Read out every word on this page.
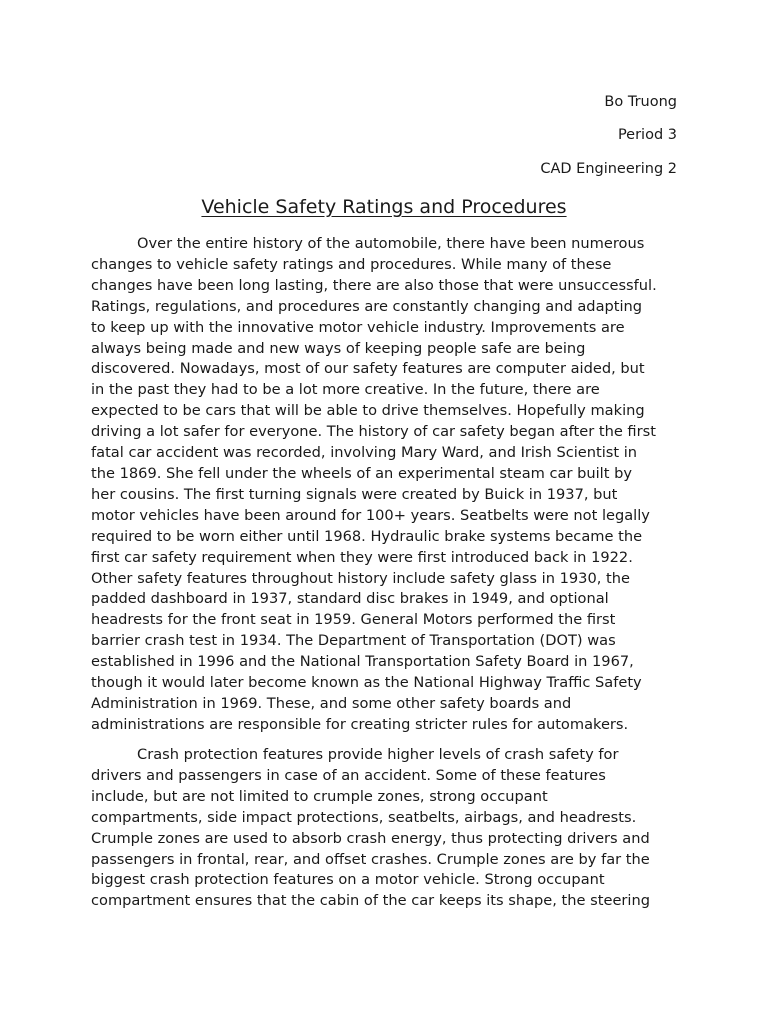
Bo Truong
Period 3
CAD Engineering 2
Vehicle Safety Ratings and Procedures
Over the entire history of the automobile, there have been numerous
changes to vehicle safety ratings and procedures. While many of these
changes have been long lasting, there are also those that were unsuccessful.
Ratings, regulations, and procedures are constantly changing and adapting
to keep up with the innovative motor vehicle industry. Improvements are
always being made and new ways of keeping people safe are being
discovered. Nowadays, most of our safety features are computer aided, but
in the past they had to be a lot more creative. In the future, there are
expected to be cars that will be able to drive themselves. Hopefully making
driving a lot safer for everyone. The history of car safety began after the first
fatal car accident was recorded, involving Mary Ward, and Irish Scientist in
the 1869. She fell under the wheels of an experimental steam car built by
her cousins. The first turning signals were created by Buick in 1937, but
motor vehicles have been around for 100+ years. Seatbelts were not legally
required to be worn either until 1968. Hydraulic brake systems became the
first car safety requirement when they were first introduced back in 1922.
Other safety features throughout history include safety glass in 1930, the
padded dashboard in 1937, standard disc brakes in 1949, and optional
headrests for the front seat in 1959. General Motors performed the first
barrier crash test in 1934. The Department of Transportation (DOT) was
established in 1996 and the National Transportation Safety Board in 1967,
though it would later become known as the National Highway Traffic Safety
Administration in 1969. These, and some other safety boards and
administrations are responsible for creating stricter rules for automakers.
Crash protection features provide higher levels of crash safety for
drivers and passengers in case of an accident. Some of these features
include, but are not limited to crumple zones, strong occupant
compartments, side impact protections, seatbelts, airbags, and headrests.
Crumple zones are used to absorb crash energy, thus protecting drivers and
passengers in frontal, rear, and offset crashes. Crumple zones are by far the
biggest crash protection features on a motor vehicle. Strong occupant
compartment ensures that the cabin of the car keeps its shape, the steering
